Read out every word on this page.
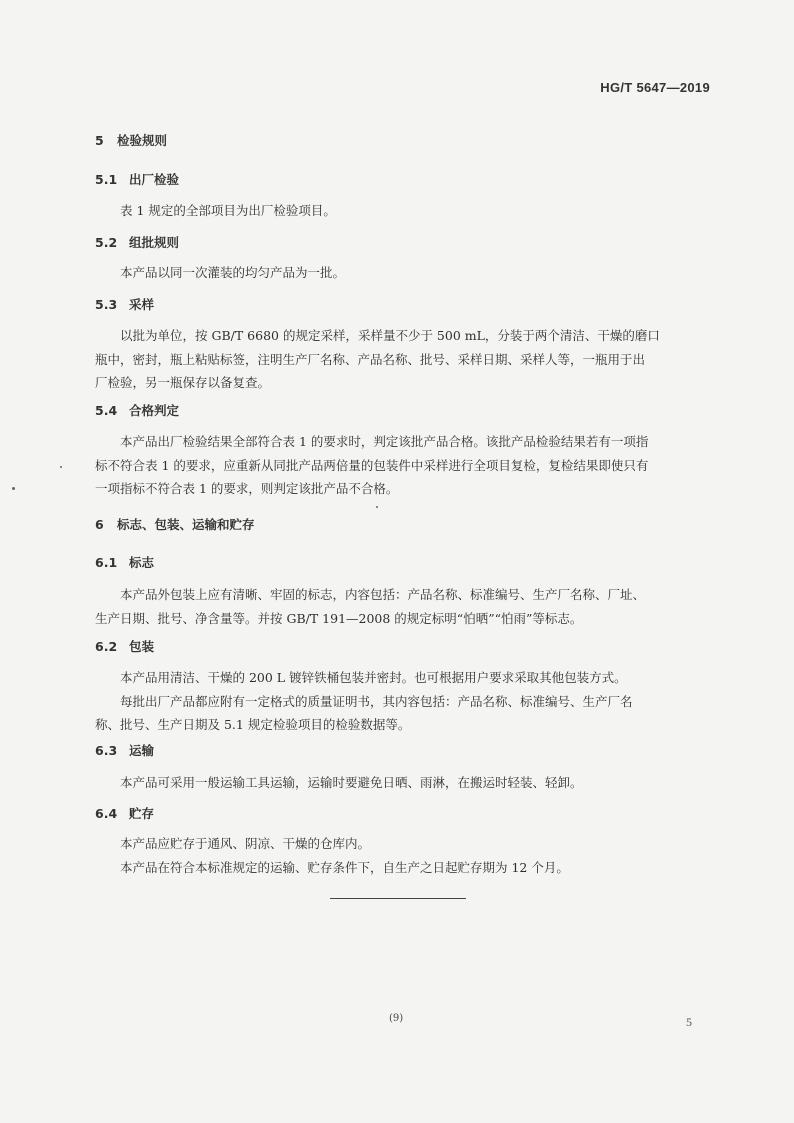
HG/T 5647—2019
5 检验规则
5.1 出厂检验
表 1 规定的全部项目为出厂检验项目。
5.2 组批规则
本产品以同一次灌装的均匀产品为一批。
5.3 采样
以批为单位，按 GB/T 6680 的规定采样，采样量不少于 500 mL，分装于两个清洁、干燥的磨口
瓶中，密封，瓶上粘贴标签，注明生产厂名称、产品名称、批号、采样日期、采样人等，一瓶用于出
厂检验，另一瓶保存以备复查。
5.4 合格判定
本产品出厂检验结果全部符合表 1 的要求时，判定该批产品合格。该批产品检验结果若有一项指
标不符合表 1 的要求，应重新从同批产品两倍量的包装件中采样进行全项目复检，复检结果即使只有
一项指标不符合表 1 的要求，则判定该批产品不合格。
6 标志、包装、运输和贮存
6.1 标志
本产品外包装上应有清晰、牢固的标志，内容包括：产品名称、标准编号、生产厂名称、厂址、
生产日期、批号、净含量等。并按 GB/T 191—2008 的规定标明“怕晒”“怕雨”等标志。
6.2 包装
本产品用清洁、干燥的 200 L 镀锌铁桶包装并密封。也可根据用户要求采取其他包装方式。
每批出厂产品都应附有一定格式的质量证明书，其内容包括：产品名称、标准编号、生产厂名
称、批号、生产日期及 5.1 规定检验项目的检验数据等。
6.3 运输
本产品可采用一般运输工具运输，运输时要避免日晒、雨淋，在搬运时轻装、轻卸。
6.4 贮存
本产品应贮存于通风、阴凉、干燥的仓库内。
本产品在符合本标准规定的运输、贮存条件下，自生产之日起贮存期为 12 个月。
(9)	5
